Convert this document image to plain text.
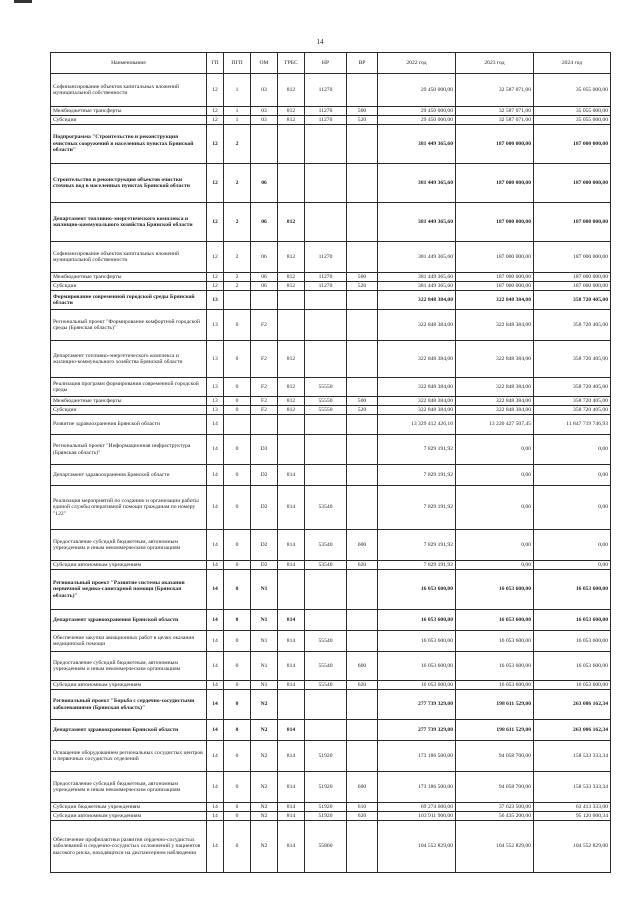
14
Наименование	ГП	ПГП	ОМ	ГРБС	НР	ВР	2022 год	2023 год	2024 год
Софинансирование объектов капитальных вложений муниципальной собственности	12	1	03	812	11270		29 450 000,00	32 587 071,00	35 055 000,00
Межбюджетные трансферты	12	1	03	812	11270	500	29 450 000,00	32 587 071,00	35 055 000,00
Субсидии	12	1	03	812	11270	520	29 450 000,00	32 587 071,00	35 055 000,00
Подпрограмма "Строительство и реконструкция очистных сооружений в населенных пунктах Брянской области"	12	2					381 449 365,60	187 000 000,00	187 000 000,00
Строительство и реконструкция объектов очистки сточных вод в населенных пунктах Брянской области	12	2	06				381 449 365,60	187 000 000,00	187 000 000,00
Департамент топливно-энергетического комплекса и жилищно-коммунального хозяйства Брянской области	12	2	06	812			381 449 365,60	187 000 000,00	187 000 000,00
Софинансирование объектов капитальных вложений муниципальной собственности	12	2	06	812	11270		381 449 365,60	187 000 000,00	187 000 000,00
Межбюджетные трансферты	12	2	06	812	11270	500	381 449 365,60	187 000 000,00	187 000 000,00
Субсидии	12	2	06	812	11270	520	381 449 365,60	187 000 000,00	187 000 000,00
Формирование современной городской среды Брянской области	13						322 848 384,00	322 848 384,00	358 720 405,00
Региональный проект "Формирование комфортной городской среды (Брянская область)"	13	0	F2				322 848 384,00	322 848 384,00	358 720 405,00
Департамент топливно-энергетического комплекса и жилищно-коммунального хозяйства Брянской области	13	0	F2	812			322 848 384,00	322 848 384,00	358 720 405,00
Реализация программ формирования современной городской среды	13	0	F2	812	55550		322 848 384,00	322 848 384,00	358 720 405,00
Межбюджетные трансферты	13	0	F2	812	55550	500	322 848 384,00	322 848 384,00	358 720 405,00
Субсидии	13	0	F2	812	55550	520	322 848 384,00	322 848 384,00	358 720 405,00
Развитие здравоохранения Брянской области	14						13 329 412 426,16	13 220 427 507,45	11 847 719 746,93
Региональный проект "Информационная инфраструктура (Брянская область)"	14	0	D3				7 829 191,92	0,00	0,00
Департамент здравоохранения Брянской области	14	0	D2	814			7 829 191,92	0,00	0,00
Реализация мероприятий по созданию и организации работы единой службы оперативной помощи гражданам по номеру "122"	14	0	D2	814	53540		7 829 191,92	0,00	0,00
Предоставление субсидий бюджетным, автономным учреждениям и иным некоммерческим организациям	14	0	D2	814	53540	600	7 829 191,92	0,00	0,00
Субсидии автономным учреждениям	14	0	D2	814	53540	620	7 829 191,92	0,00	0,00
Региональный проект "Развитие системы оказания первичной медико-санитарной помощи (Брянская область)"	14	0	N1				16 053 600,00	16 053 600,00	16 053 600,00
Департамент здравоохранения Брянской области	14	0	N1	814			16 053 600,00	16 053 600,00	16 053 600,00
Обеспечение закупки авиационных работ в целях оказания медицинской помощи	14	0	N1	814	55540		16 053 600,00	16 053 600,00	16 053 600,00
Предоставление субсидий бюджетным, автономным учреждениям и иным некоммерческим организациям	14	0	N1	814	55540	600	16 053 600,00	16 053 600,00	16 053 600,00
Субсидии автономным учреждениям	14	0	N1	814	55540	620	16 053 600,00	16 053 600,00	16 053 600,00
Региональный проект "Борьба с сердечно-сосудистыми заболеваниями (Брянская область)"	14	0	N2				277 739 329,00	198 611 529,00	263 086 162,34
Департамент здравоохранения Брянской области	14	0	N2	814			277 739 329,00	198 611 529,00	263 086 162,34
Оснащение оборудованием региональных сосудистых центров и первичных сосудистых отделений	14	0	N2	814	51920		173 186 500,00	94 058 700,00	158 533 333,34
Предоставление субсидий бюджетным, автономным учреждениям и иным некоммерческим организациям	14	0	N2	814	51920	600	173 186 500,00	94 058 700,00	158 533 333,34
Субсидии бюджетным учреждениям	14	0	N2	814	51920	610	69 274 600,00	37 623 500,00	63 413 333,00
Субсидии автономным учреждениям	14	0	N2	814	51920	620	103 911 900,00	56 435 200,00	95 120 000,34
Обеспечение профилактики развития сердечно-сосудистых заболеваний и сердечно-сосудистых осложнений у пациентов высокого риска, находящихся на диспансерном наблюдении	14	0	N2	814	55860		104 552 829,00	104 552 829,00	104 552 829,00
